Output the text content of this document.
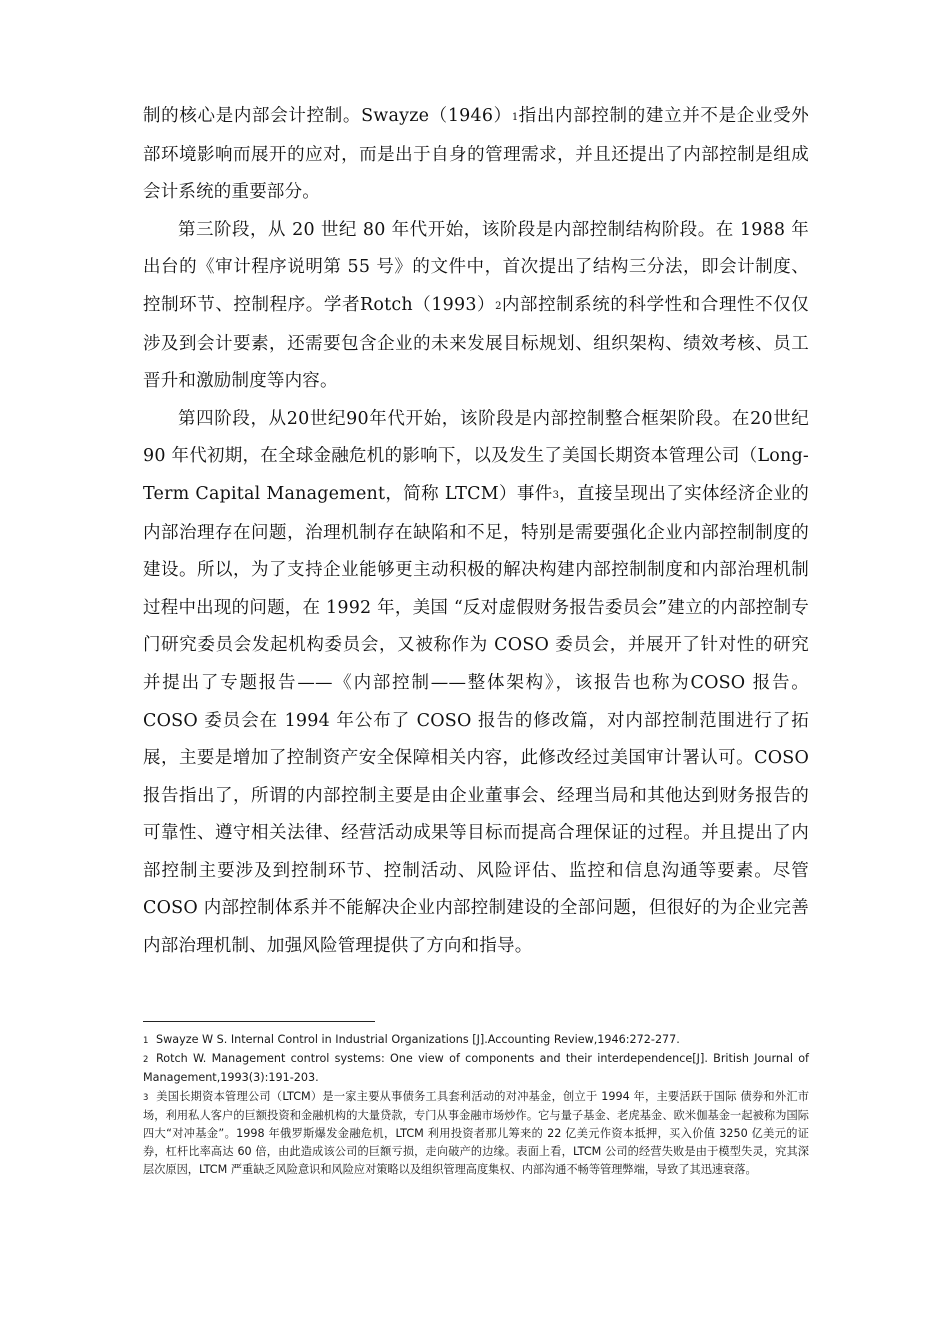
制的核心是内部会计控制。Swayze（1946）1指出内部控制的建立并不是企业受外部环境影响而展开的应对，而是出于自身的管理需求，并且还提出了内部控制是组成会计系统的重要部分。

第三阶段，从 20 世纪 80 年代开始，该阶段是内部控制结构阶段。在 1988 年出台的《审计程序说明第 55 号》的文件中，首次提出了结构三分法，即会计制度、控制环节、控制程序。学者Rotch（1993）2内部控制系统的科学性和合理性不仅仅涉及到会计要素，还需要包含企业的未来发展目标规划、组织架构、绩效考核、员工晋升和激励制度等内容。

第四阶段，从20世纪90年代开始，该阶段是内部控制整合框架阶段。在20世纪 90 年代初期，在全球金融危机的影响下，以及发生了美国长期资本管理公司（Long-Term Capital Management，简称 LTCM）事件3，直接呈现出了实体经济企业的内部治理存在问题，治理机制存在缺陷和不足，特别是需要强化企业内部控制制度的建设。所以，为了支持企业能够更主动积极的解决构建内部控制制度和内部治理机制过程中出现的问题，在 1992 年，美国 “反对虚假财务报告委员会”建立的内部控制专门研究委员会发起机构委员会，又被称作为 COSO 委员会，并展开了针对性的研究并提出了专题报告——《内部控制——整体架构》，该报告也称为COSO 报告。COSO 委员会在 1994 年公布了 COSO 报告的修改篇，对内部控制范围进行了拓展，主要是增加了控制资产安全保障相关内容，此修改经过美国审计署认可。COSO 报告指出了，所谓的内部控制主要是由企业董事会、经理当局和其他达到财务报告的可靠性、遵守相关法律、经营活动成果等目标而提高合理保证的过程。并且提出了内部控制主要涉及到控制环节、控制活动、风险评估、监控和信息沟通等要素。尽管 COSO 内部控制体系并不能解决企业内部控制建设的全部问题，但很好的为企业完善内部治理机制、加强风险管理提供了方向和指导。

1 Swayze W S. Internal Control in Industrial Organizations [J].Accounting Review,1946:272-277.

2 Rotch W. Management control systems: One view of components and their interdependence[J]. British Journal of Management,1993(3):191-203.

3 美国长期资本管理公司（LTCM）是一家主要从事债务工具套利活动的对冲基金，创立于 1994 年，主要活跃于国际 债券和外汇市场，利用私人客户的巨额投资和金融机构的大量贷款，专门从事金融市场炒作。它与量子基金、老虎基金、欧米伽基金一起被称为国际四大“对冲基金”。1998 年俄罗斯爆发金融危机，LTCM 利用投资者那儿筹来的 22 亿美元作资本抵押，买入价值 3250 亿美元的证券，杠杆比率高达 60 倍，由此造成该公司的巨额亏损，走向破产的边缘。表面上看，LTCM 公司的经营失败是由于模型失灵，究其深层次原因，LTCM 严重缺乏风险意识和风险应对策略以及组织管理高度集权、内部沟通不畅等管理弊端，导致了其迅速衰落。
